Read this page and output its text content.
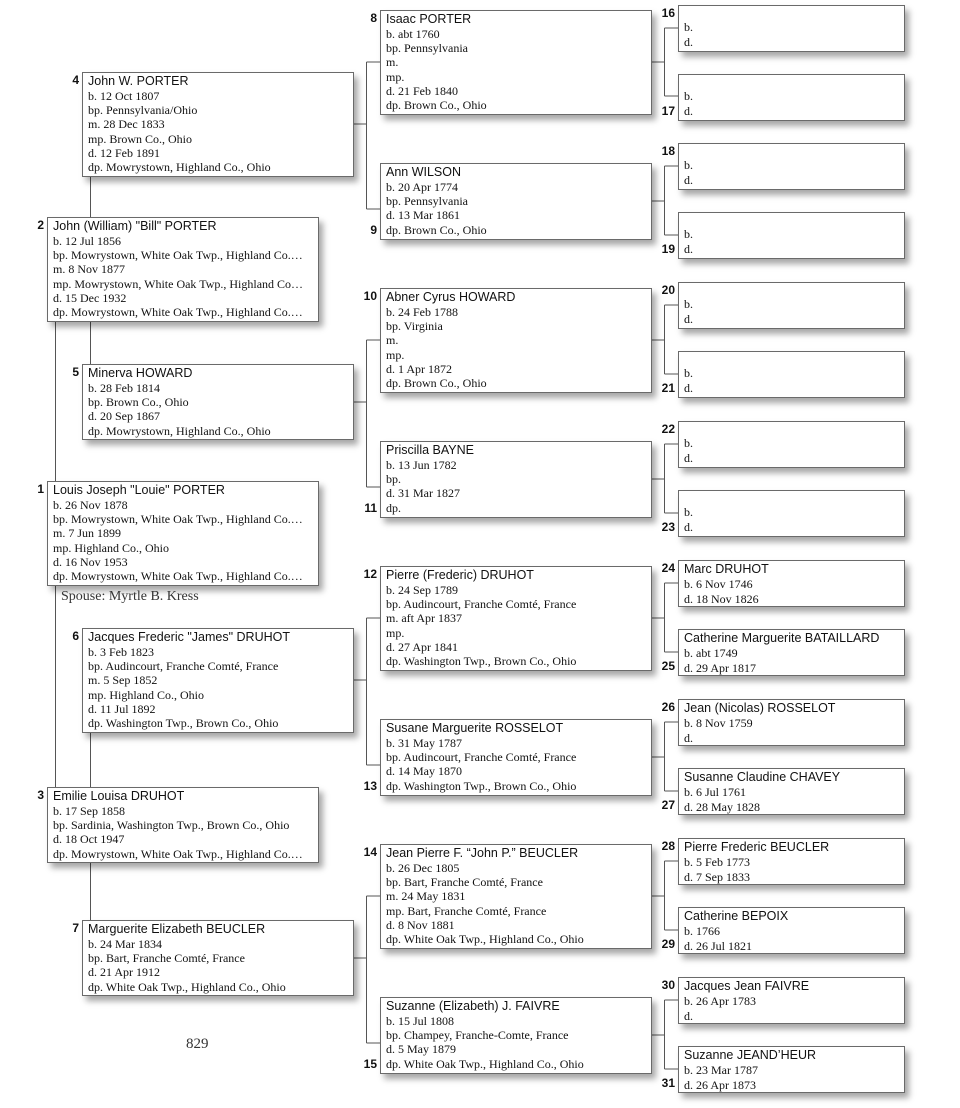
Louis Joseph "Louie" PORTER
b. 26 Nov 1878
bp. Mowrystown, White Oak Twp., Highland Co.…
m. 7 Jun 1899
mp. Highland Co., Ohio
d. 16 Nov 1953
dp. Mowrystown, White Oak Twp., Highland Co.…
1
John (William) "Bill" PORTER
b. 12 Jul 1856
bp. Mowrystown, White Oak Twp., Highland Co.…
m. 8 Nov 1877
mp. Mowrystown, White Oak Twp., Highland Co…
d. 15 Dec 1932
dp. Mowrystown, White Oak Twp., Highland Co.…
2
Emilie Louisa DRUHOT
b. 17 Sep 1858
bp. Sardinia, Washington Twp., Brown Co., Ohio
d. 18 Oct 1947
dp. Mowrystown, White Oak Twp., Highland Co.…
3
John W. PORTER
b. 12 Oct 1807
bp. Pennsylvania/Ohio
m. 28 Dec 1833
mp. Brown Co., Ohio
d. 12 Feb 1891
dp. Mowrystown, Highland Co., Ohio
4
Minerva HOWARD
b. 28 Feb 1814
bp. Brown Co., Ohio
d. 20 Sep 1867
dp. Mowrystown, Highland Co., Ohio
5
Jacques Frederic "James" DRUHOT
b. 3 Feb 1823
bp. Audincourt, Franche Comté, France
m. 5 Sep 1852
mp. Highland Co., Ohio
d. 11 Jul 1892
dp. Washington Twp., Brown Co., Ohio
6
Marguerite Elizabeth BEUCLER
b. 24 Mar 1834
bp. Bart, Franche Comté, France
d. 21 Apr 1912
dp. White Oak Twp., Highland Co., Ohio
7
Isaac PORTER
b. abt 1760
bp. Pennsylvania
m.
mp.
d. 21 Feb 1840
dp. Brown Co., Ohio
8
Ann WILSON
b. 20 Apr 1774
bp. Pennsylvania
d. 13 Mar 1861
dp. Brown Co., Ohio
9
Abner Cyrus HOWARD
b. 24 Feb 1788
bp. Virginia
m.
mp.
d. 1 Apr 1872
dp. Brown Co., Ohio
10
Priscilla BAYNE
b. 13 Jun 1782
bp.
d. 31 Mar 1827
dp.
11
Pierre (Frederic) DRUHOT
b. 24 Sep 1789
bp. Audincourt, Franche Comté, France
m. aft Apr 1837
mp.
d. 27 Apr 1841
dp. Washington Twp., Brown Co., Ohio
12
Susane Marguerite ROSSELOT
b. 31 May 1787
bp. Audincourt, Franche Comté, France
d. 14 May 1870
dp. Washington Twp., Brown Co., Ohio
13
Jean Pierre F. “John P.” BEUCLER
b. 26 Dec 1805
bp. Bart, Franche Comté, France
m. 24 May 1831
mp. Bart, Franche Comté, France
d. 8 Nov 1881
dp. White Oak Twp., Highland Co., Ohio
14
Suzanne (Elizabeth) J. FAIVRE
b. 15 Jul 1808
bp. Champey, Franche-Comte, France
d. 5 May 1879
dp. White Oak Twp., Highland Co., Ohio
15
b.
d.
16
b.
d.
17
b.
d.
18
b.
d.
19
b.
d.
20
b.
d.
21
b.
d.
22
b.
d.
23
Marc DRUHOT
b. 6 Nov 1746
d. 18 Nov 1826
24
Catherine Marguerite BATAILLARD
b. abt 1749
d. 29 Apr 1817
25
Jean (Nicolas) ROSSELOT
b. 8 Nov 1759
d.
26
Susanne Claudine CHAVEY
b. 6 Jul 1761
d. 28 May 1828
27
Pierre Frederic BEUCLER
b. 5 Feb 1773
d. 7 Sep 1833
28
Catherine BEPOIX
b. 1766
d. 26 Jul 1821
29
Jacques Jean FAIVRE
b. 26 Apr 1783
d.
30
Suzanne JEAND’HEUR
b. 23 Mar 1787
d. 26 Apr 1873
31
Spouse: Myrtle B. Kress
829
